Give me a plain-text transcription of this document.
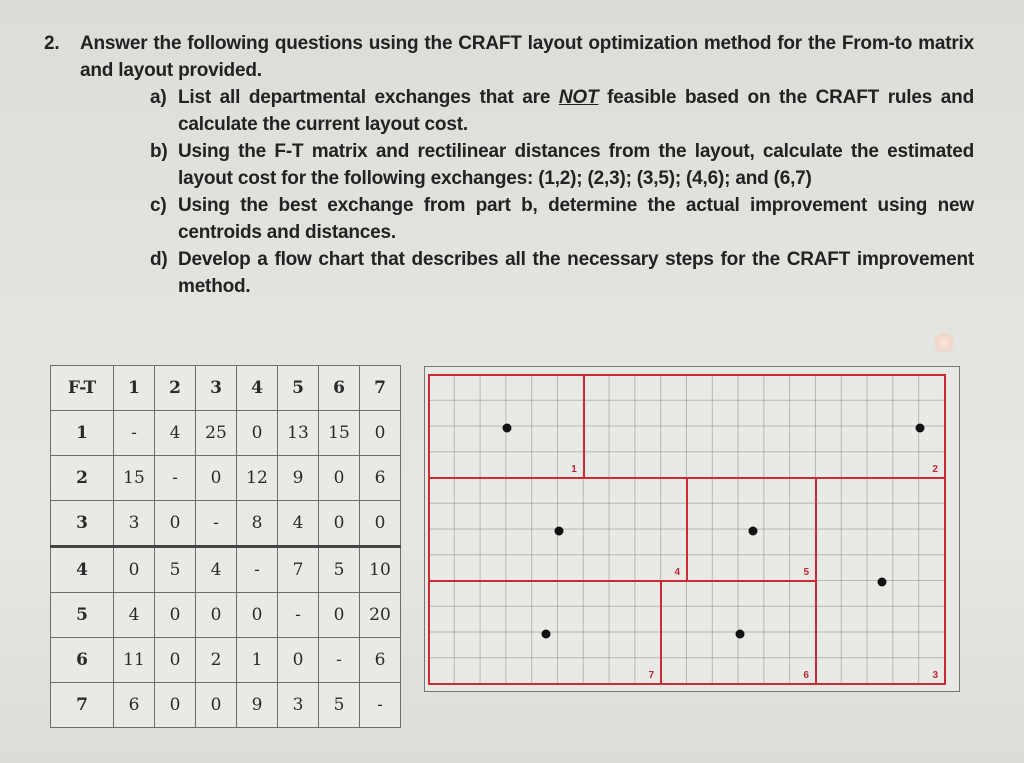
2.	Answer the following questions using the CRAFT layout optimization method for the From-to matrix and layout provided.
a) List all departmental exchanges that are NOT feasible based on the CRAFT rules and calculate the current layout cost.
b) Using the F-T matrix and rectilinear distances from the layout, calculate the estimated layout cost for the following exchanges: (1,2); (2,3); (3,5); (4,6); and (6,7)
c) Using the best exchange from part b, determine the actual improvement using new centroids and distances.
d) Develop a flow chart that describes all the necessary steps for the CRAFT improvement method.
F-T	1	2	3	4	5	6	7
1	-	4	25	0	13	15	0
2	15	-	0	12	9	0	6
3	3	0	-	8	4	0	0
4	0	5	4	-	7	5	10
5	4	0	0	0	-	0	20
6	11	0	2	1	0	-	6
7	6	0	0	9	3	5	-
1	2
4	5
3
7	6
